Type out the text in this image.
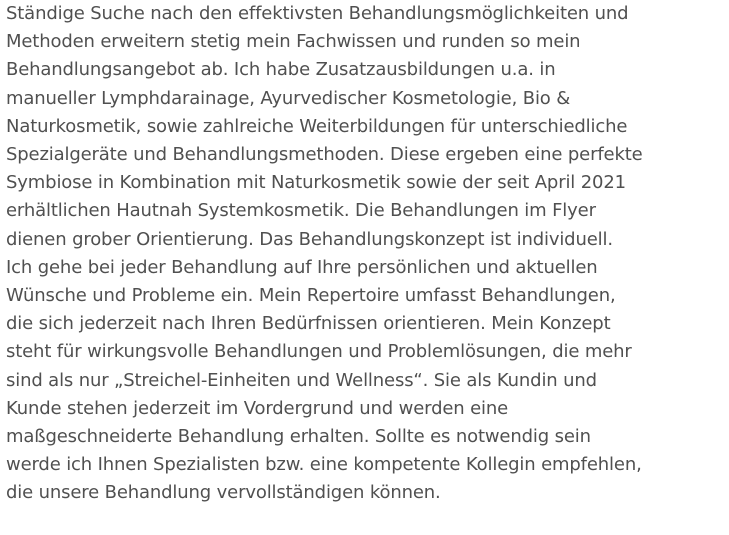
Ständige Suche nach den effektivsten Behandlungsmöglichkeiten und
Methoden erweitern stetig mein Fachwissen und runden so mein
Behandlungsangebot ab. Ich habe Zusatzausbildungen u.a. in
manueller Lymphdarainage, Ayurvedischer Kosmetologie, Bio &
Naturkosmetik, sowie zahlreiche Weiterbildungen für unterschiedliche
Spezialgeräte und Behandlungsmethoden. Diese ergeben eine perfekte
Symbiose in Kombination mit Naturkosmetik sowie der seit April 2021
erhältlichen Hautnah Systemkosmetik. Die Behandlungen im Flyer
dienen grober Orientierung. Das Behandlungskonzept ist individuell.
Ich gehe bei jeder Behandlung auf Ihre persönlichen und aktuellen
Wünsche und Probleme ein. Mein Repertoire umfasst Behandlungen,
die sich jederzeit nach Ihren Bedürfnissen orientieren. Mein Konzept
steht für wirkungsvolle Behandlungen und Problemlösungen, die mehr
sind als nur „Streichel-Einheiten und Wellness“. Sie als Kundin und
Kunde stehen jederzeit im Vordergrund und werden eine
maßgeschneiderte Behandlung erhalten. Sollte es notwendig sein
werde ich Ihnen Spezialisten bzw. eine kompetente Kollegin empfehlen,
die unsere Behandlung vervollständigen können.
